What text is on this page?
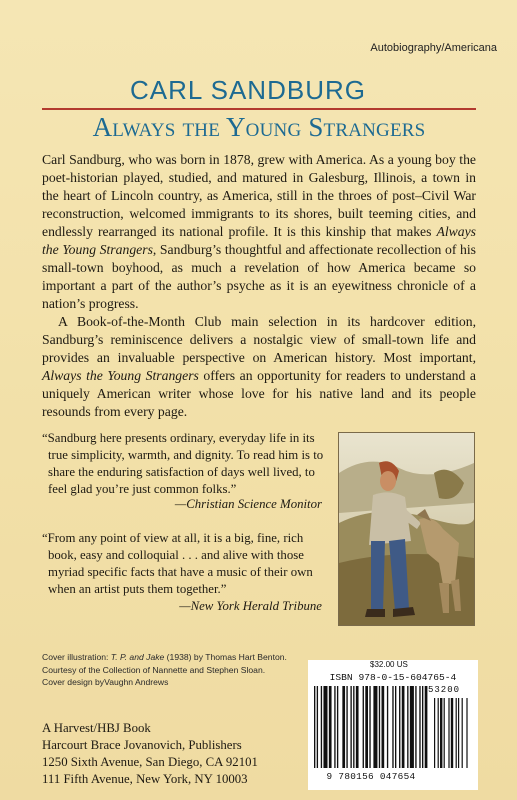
Autobiography/Americana
CARL SANDBURG
Always the Young Strangers

Carl Sandburg, who was born in 1878, grew with America. As a young boy the poet-historian played, studied, and matured in Galesburg, Illinois, a town in the heart of Lincoln country, as America, still in the throes of post–Civil War reconstruction, welcomed immigrants to its shores, built teeming cities, and endlessly rearranged its national profile. It is this kinship that makes Always the Young Strangers, Sandburg’s thoughtful and affectionate recollection of his small-town boyhood, as much a revelation of how America became so important a part of the author’s psyche as it is an eyewitness chronicle of a nation’s progress.

A Book-of-the-Month Club main selection in its hardcover edition, Sandburg’s reminiscence delivers a nostalgic view of small-town life and provides an invaluable perspective on American history. Most important, Always the Young Strangers offers an opportunity for readers to understand a uniquely American writer whose love for his native land and its people resounds from every page.

“Sandburg here presents ordinary, everyday life in its true simplicity, warmth, and dignity. To read him is to share the enduring satisfaction of days well lived, to feel glad you’re just common folks.”
—Christian Science Monitor
“From any point of view at all, it is a big, fine, rich book, easy and colloquial . . . and alive with those myriad specific facts that have a music of their own when an artist puts them together.”
—New York Herald Tribune
Cover illustration: T. P. and Jake (1938) by Thomas Hart Benton.
Courtesy of the Collection of Nannette and Stephen Sloan.
Cover design byVaughn Andrews
A Harvest/HBJ Book
Harcourt Brace Jovanovich, Publishers
1250 Sixth Avenue, San Diego, CA 92101
111 Fifth Avenue, New York, NY 10003
$32.00 US
ISBN 978-0-15-604765-4
53200
9 780156 047654
